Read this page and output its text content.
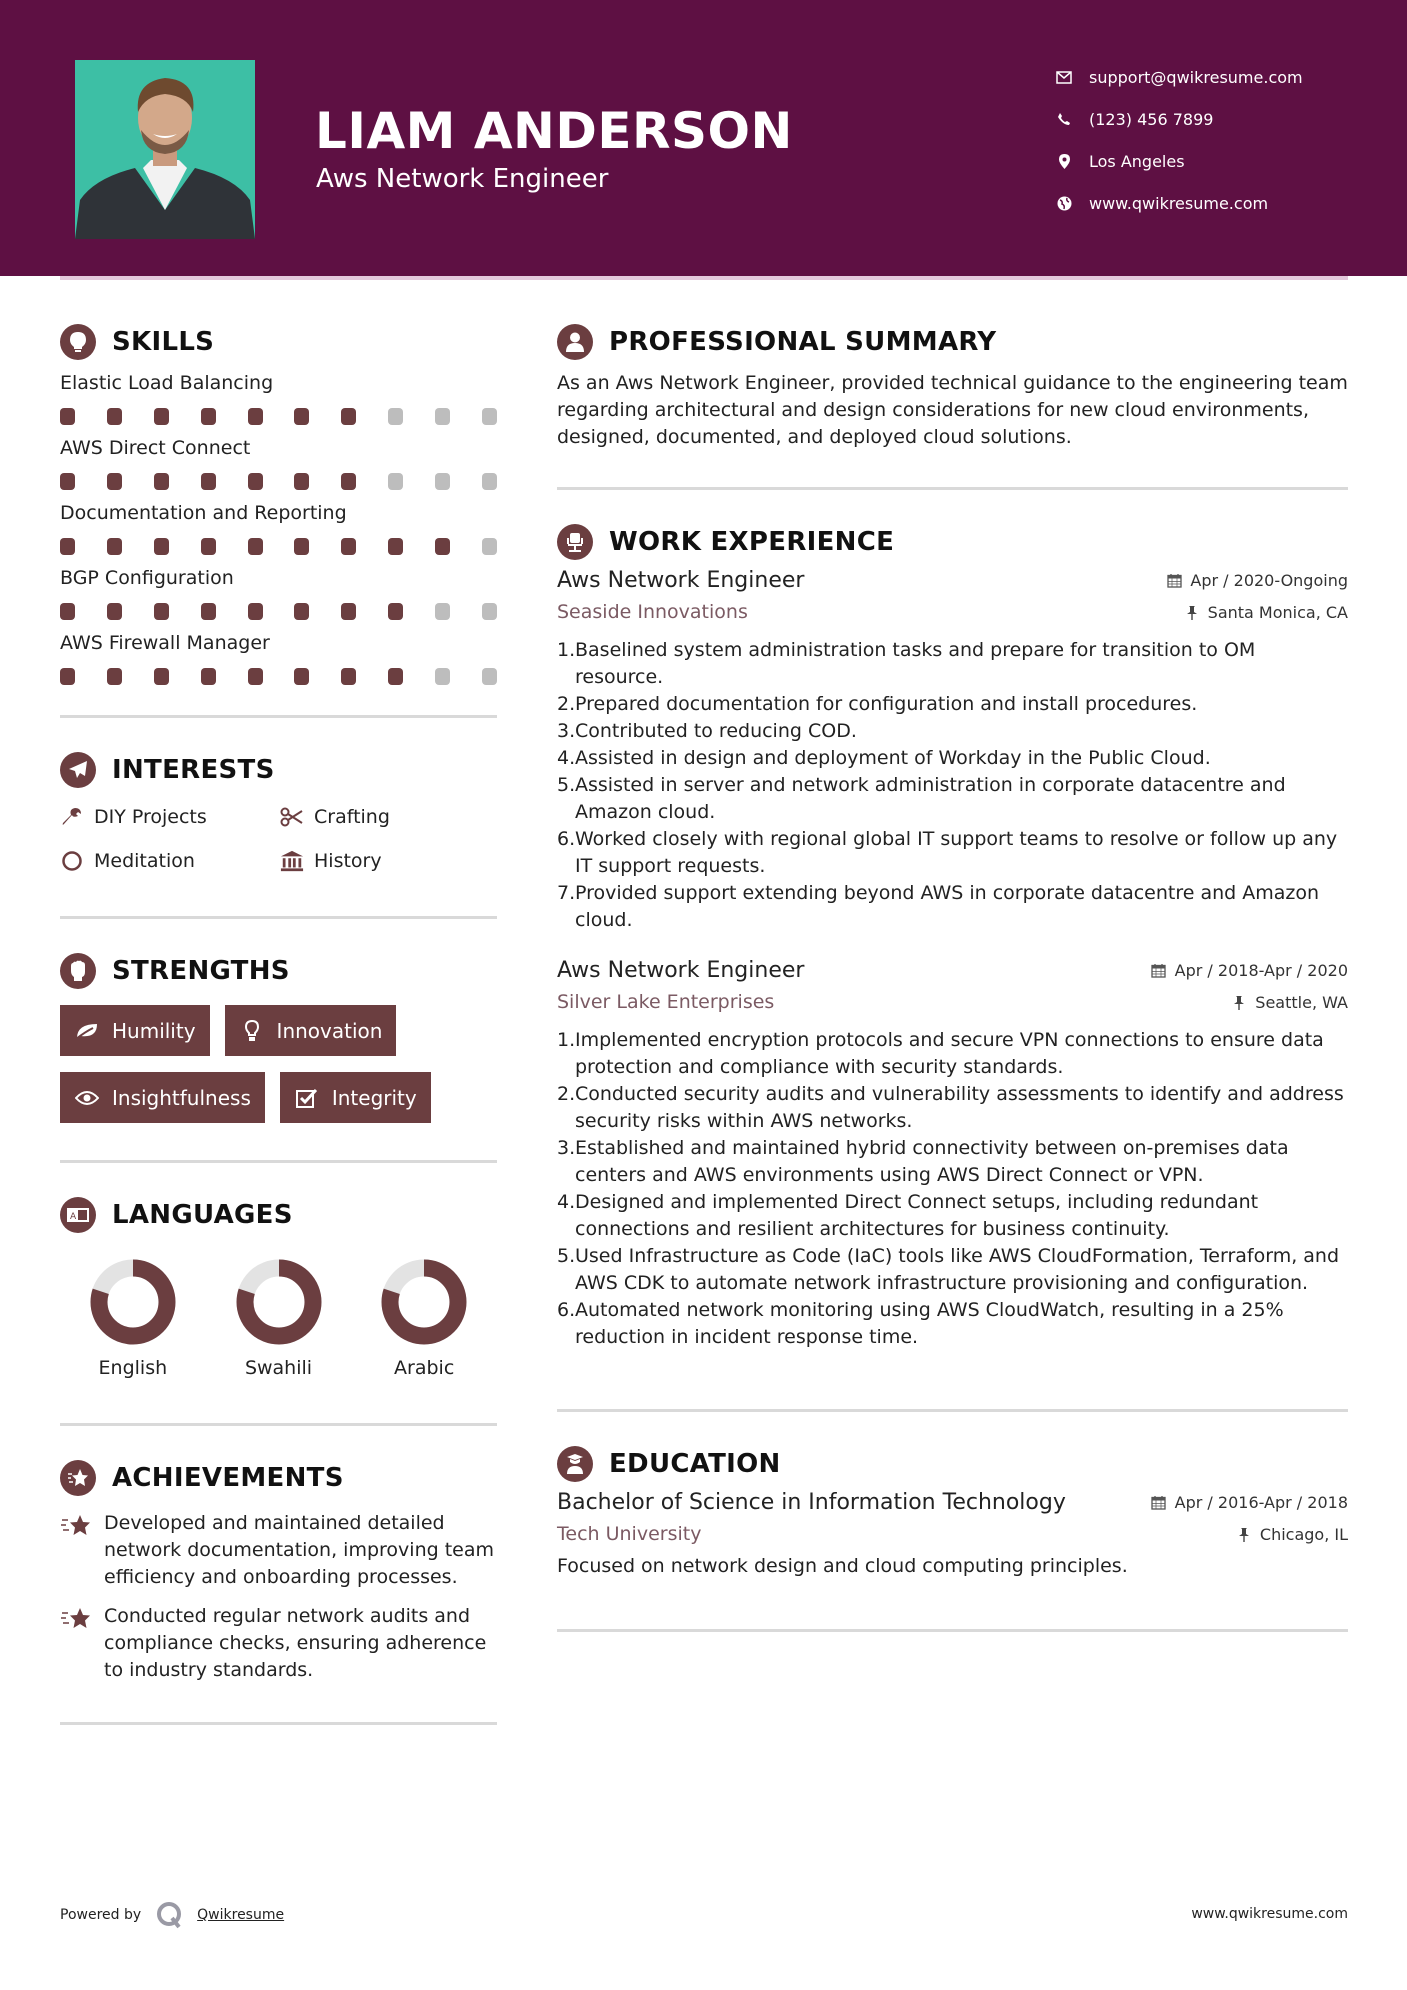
LIAM ANDERSON
Aws Network Engineer
support@qwikresume.com
(123) 456 7899
Los Angeles
www.qwikresume.com
SKILLS
Elastic Load Balancing
AWS Direct Connect
Documentation and Reporting
BGP Configuration
AWS Firewall Manager
INTERESTS
DIY Projects	Crafting
Meditation	History
STRENGTHS
Humility	Innovation
Insightfulness	Integrity
A LANGUAGES
English	Swahili	Arabic
ACHIEVEMENTS
Developed and maintained detailed network documentation, improving team efficiency and onboarding processes.
Conducted regular network audits and compliance checks, ensuring adherence to industry standards.
PROFESSIONAL SUMMARY

As an Aws Network Engineer, provided technical guidance to the engineering team regarding architectural and design considerations for new cloud environments, designed, documented, and deployed cloud solutions.

WORK EXPERIENCE
Aws Network Engineer	Apr / 2020-Ongoing
Seaside Innovations	Santa Monica, CA
1. Baselined system administration tasks and prepare for transition to OM resource.
2. Prepared documentation for configuration and install procedures.
3. Contributed to reducing COD.
4. Assisted in design and deployment of Workday in the Public Cloud.
5. Assisted in server and network administration in corporate datacentre and Amazon cloud.
6. Worked closely with regional global IT support teams to resolve or follow up any IT support requests.
7. Provided support extending beyond AWS in corporate datacentre and Amazon cloud.
Aws Network Engineer	Apr / 2018-Apr / 2020
Silver Lake Enterprises	Seattle, WA
1. Implemented encryption protocols and secure VPN connections to ensure data protection and compliance with security standards.
2. Conducted security audits and vulnerability assessments to identify and address security risks within AWS networks.
3. Established and maintained hybrid connectivity between on-premises data centers and AWS environments using AWS Direct Connect or VPN.
4. Designed and implemented Direct Connect setups, including redundant connections and resilient architectures for business continuity.
5. Used Infrastructure as Code (IaC) tools like AWS CloudFormation, Terraform, and AWS CDK to automate network infrastructure provisioning and configuration.
6. Automated network monitoring using AWS CloudWatch, resulting in a 25% reduction in incident response time.
EDUCATION
Bachelor of Science in Information Technology	Apr / 2016-Apr / 2018
Tech University	Chicago, IL

Focused on network design and cloud computing principles.

Powered by	Qwikresume	www.qwikresume.com
